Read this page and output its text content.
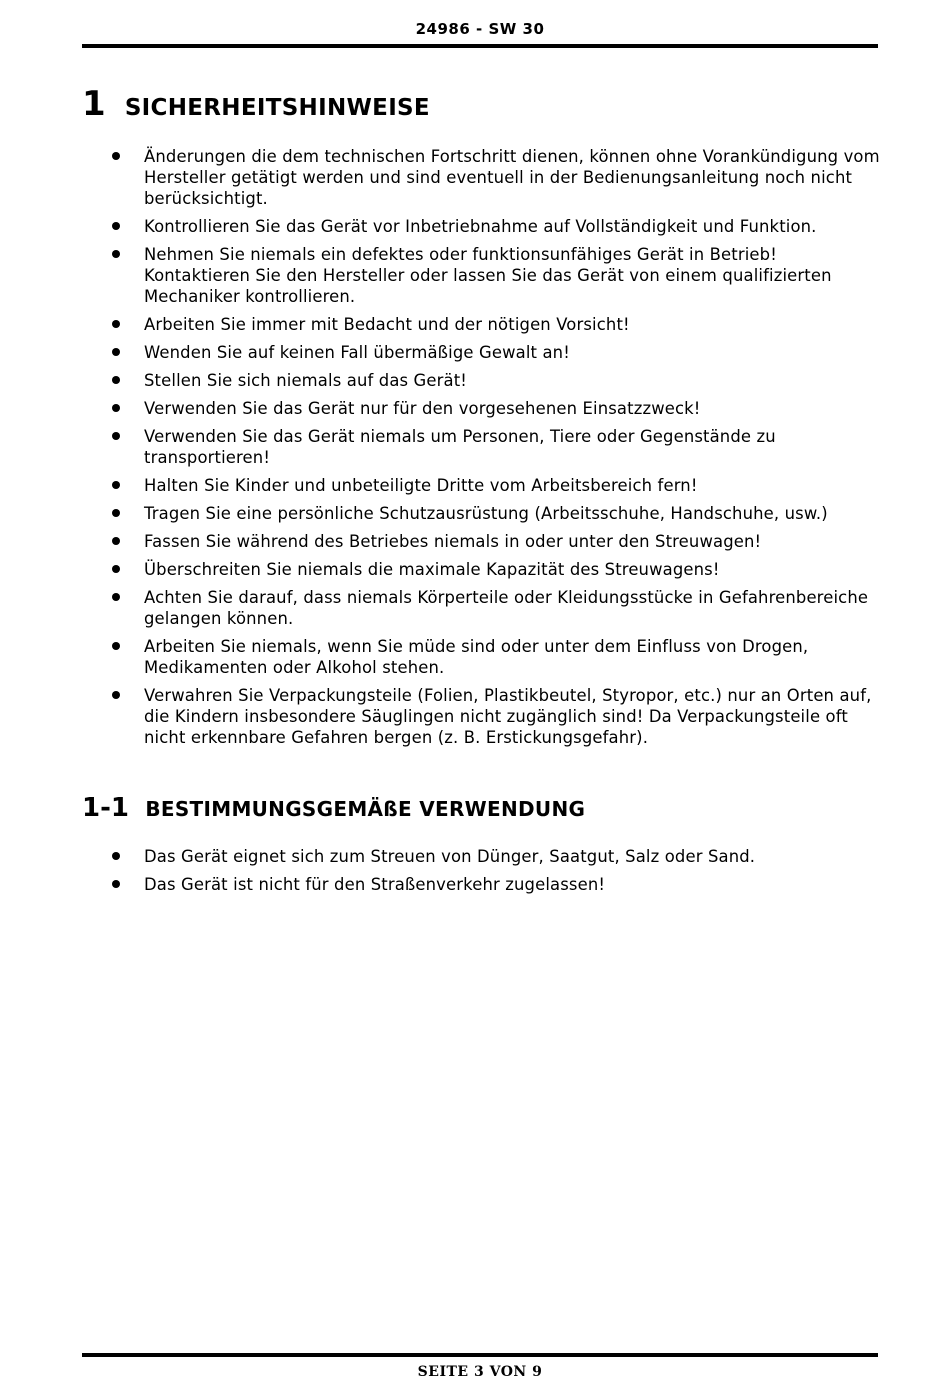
24986 - SW 30
1 SICHERHEITSHINWEISE
Änderungen die dem technischen Fortschritt dienen, können ohne Vorankündigung vom Hersteller getätigt werden und sind eventuell in der Bedienungsanleitung noch nicht berücksichtigt.
Kontrollieren Sie das Gerät vor Inbetriebnahme auf Vollständigkeit und Funktion.
Nehmen Sie niemals ein defektes oder funktionsunfähiges Gerät in Betrieb! Kontaktieren Sie den Hersteller oder lassen Sie das Gerät von einem qualifizierten Mechaniker kontrollieren.
Arbeiten Sie immer mit Bedacht und der nötigen Vorsicht!
Wenden Sie auf keinen Fall übermäßige Gewalt an!
Stellen Sie sich niemals auf das Gerät!
Verwenden Sie das Gerät nur für den vorgesehenen Einsatzzweck!
Verwenden Sie das Gerät niemals um Personen, Tiere oder Gegenstände zu transportieren!
Halten Sie Kinder und unbeteiligte Dritte vom Arbeitsbereich fern!
Tragen Sie eine persönliche Schutzausrüstung (Arbeitsschuhe, Handschuhe, usw.)
Fassen Sie während des Betriebes niemals in oder unter den Streuwagen!
Überschreiten Sie niemals die maximale Kapazität des Streuwagens!
Achten Sie darauf, dass niemals Körperteile oder Kleidungsstücke in Gefahrenbereiche gelangen können.
Arbeiten Sie niemals, wenn Sie müde sind oder unter dem Einfluss von Drogen, Medikamenten oder Alkohol stehen.
Verwahren Sie Verpackungsteile (Folien, Plastikbeutel, Styropor, etc.) nur an Orten auf, die Kindern insbesondere Säuglingen nicht zugänglich sind! Da Verpackungsteile oft nicht erkennbare Gefahren bergen (z. B. Erstickungsgefahr).
1-1 BESTIMMUNGSGEMÄßE VERWENDUNG
Das Gerät eignet sich zum Streuen von Dünger, Saatgut, Salz oder Sand.
Das Gerät ist nicht für den Straßenverkehr zugelassen!
SEITE 3 VON 9
